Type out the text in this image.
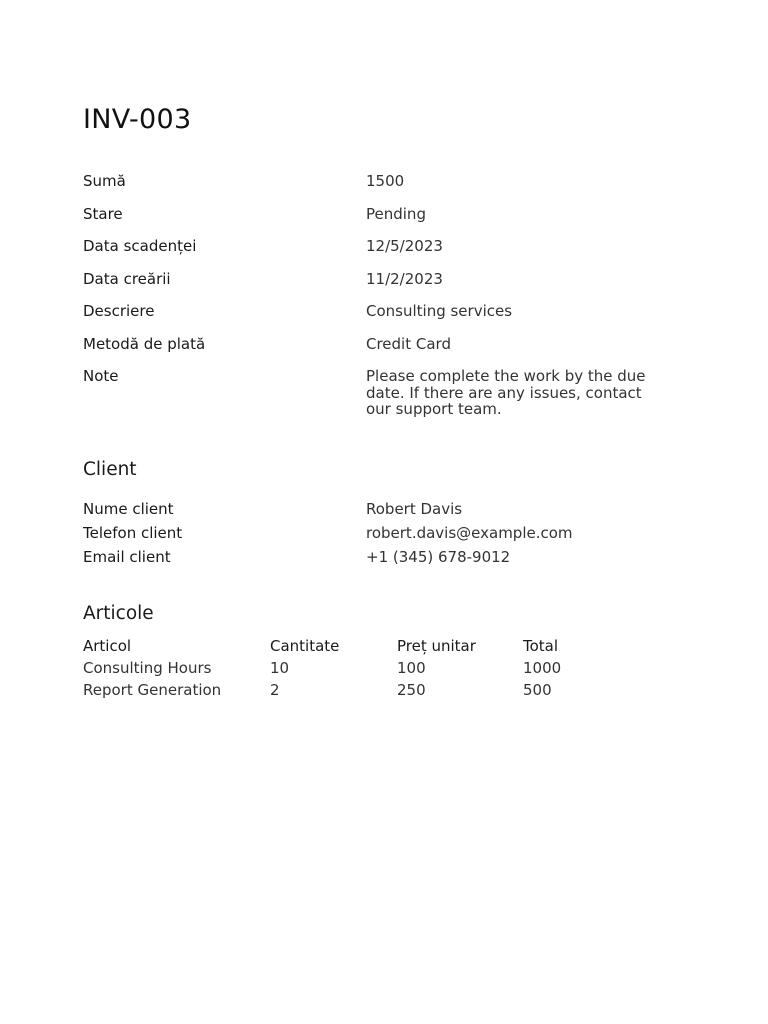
INV-003
Sumă	1500
Stare	Pending
Data scadenței	12/5/2023
Data creării	11/2/2023
Descriere	Consulting services
Metodă de plată	Credit Card
Note	Please complete the work by the due date. If there are any issues, contact our support team.
Client
Nume client	Robert Davis
Telefon client	robert.davis@example.com
Email client	+1 (345) 678-9012
Articole
Articol	Cantitate	Preț unitar	Total
Consulting Hours	10	100	1000
Report Generation	2	250	500
